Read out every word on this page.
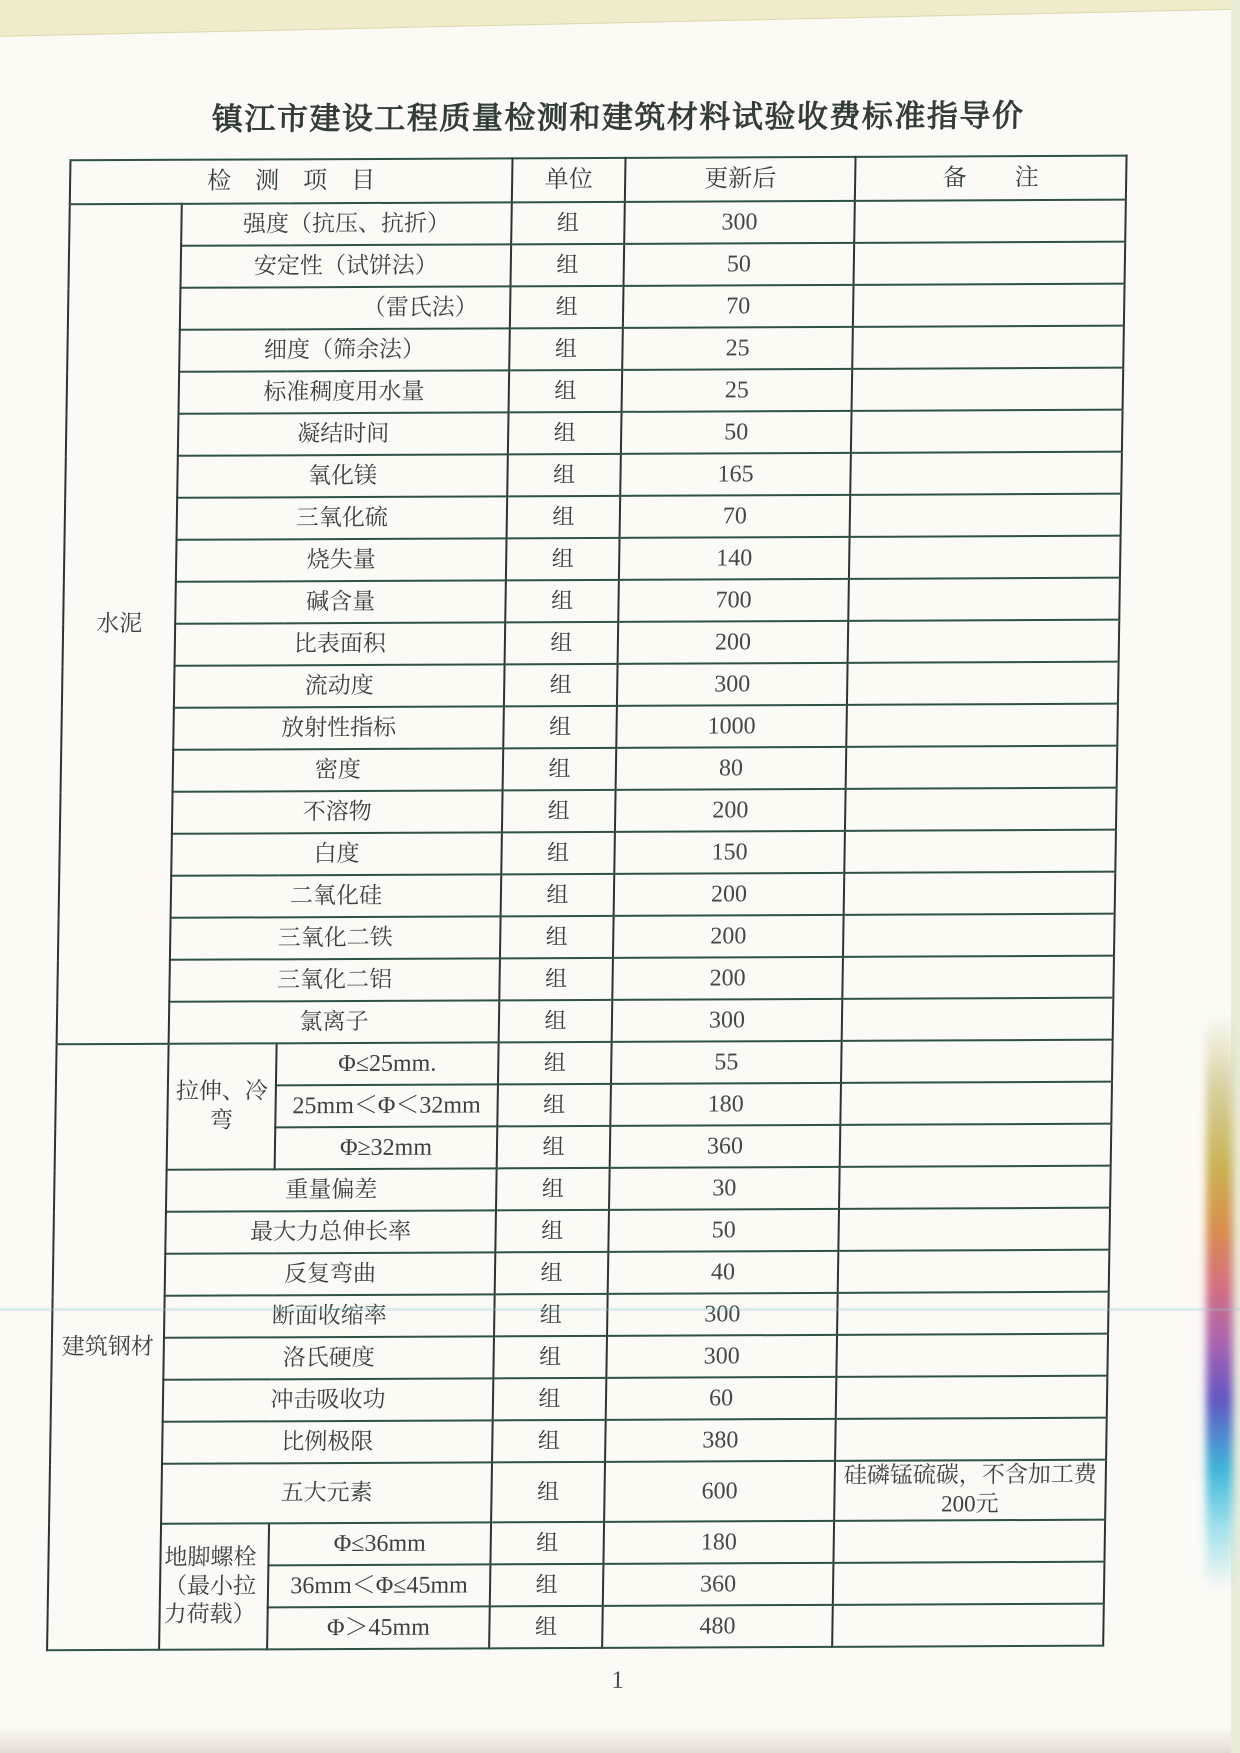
镇江市建设工程质量检测和建筑材料试验收费标准指导价
检　测　项　目			单位	更新后	备　　注
水泥	强度（抗压、抗折）		组	300	
	安定性（试饼法）		组	50	
	（雷氏法）		组	70	
	细度（筛余法）		组	25	
	标准稠度用水量		组	25	
	凝结时间		组	50	
	氧化镁		组	165	
	三氧化硫		组	70	
	烧失量		组	140	
	碱含量		组	700	
	比表面积		组	200	
	流动度		组	300	
	放射性指标		组	1000	
	密度		组	80	
	不溶物		组	200	
	白度		组	150	
	二氧化硅		组	200	
	三氧化二铁		组	200	
	三氧化二铝		组	200	
	氯离子		组	300	
建筑钢材	拉伸、冷弯	Φ≤25mm.	组	55	
		25mm＜Φ＜32mm	组	180	
		Φ≥32mm	组	360	
	重量偏差		组	30	
	最大力总伸长率		组	50	
	反复弯曲		组	40	
	断面收缩率		组	300	
	洛氏硬度		组	300	
	冲击吸收功		组	60	
	比例极限		组	380	
	五大元素		组	600	硅磷锰硫碳，不含加工费200元
	地脚螺栓（最小拉力荷载）	Φ≤36mm	组	180	
		36mm＜Φ≤45mm	组	360	
		Φ＞45mm	组	480	
1
